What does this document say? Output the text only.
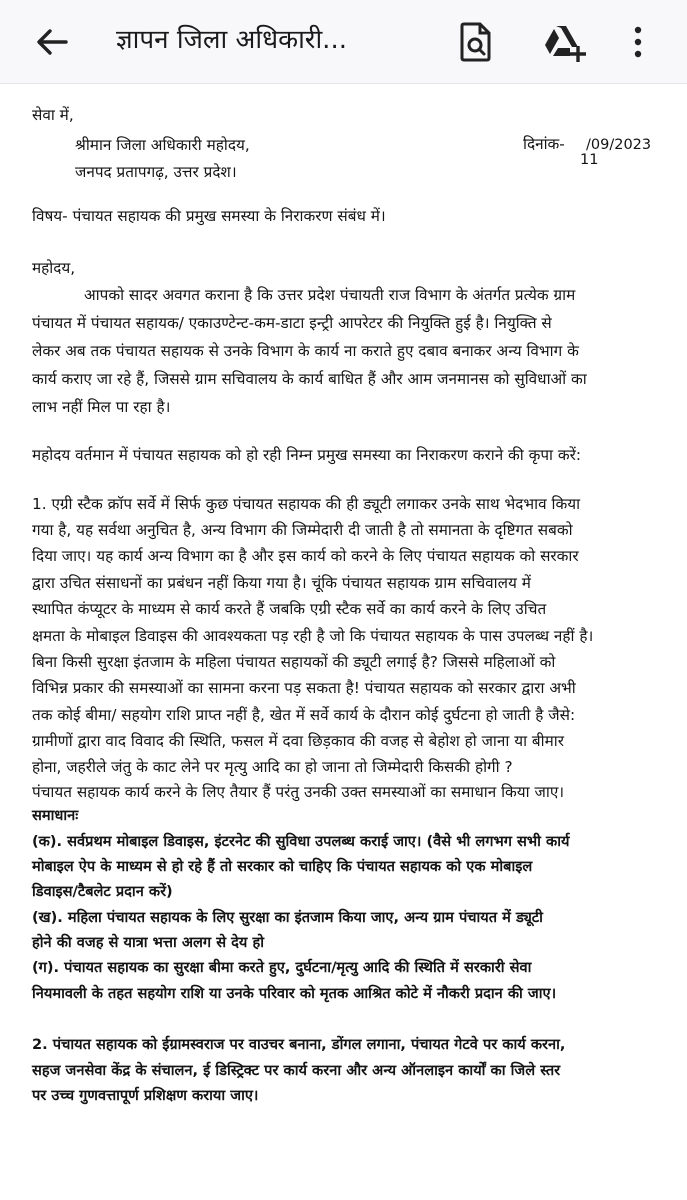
ज्ञापन जिला अधिकारी...
सेवा में,
श्रीमान जिला अधिकारी महोदय,
जनपद प्रतापगढ़, उत्तर प्रदेश।
दिनांक- /09/2023
11
विषय- पंचायत सहायक की प्रमुख समस्या के निराकरण संबंध में।
महोदय,
आपको सादर अवगत कराना है कि उत्तर प्रदेश पंचायती राज विभाग के अंतर्गत प्रत्येक ग्राम
पंचायत में पंचायत सहायक/ एकाउण्टेन्ट-कम-डाटा इन्ट्री आपरेटर की नियुक्ति हुई है। नियुक्ति से
लेकर अब तक पंचायत सहायक से उनके विभाग के कार्य ना कराते हुए दबाव बनाकर अन्य विभाग के
कार्य कराए जा रहे हैं, जिससे ग्राम सचिवालय के कार्य बाधित हैं और आम जनमानस को सुविधाओं का
लाभ नहीं मिल पा रहा है।
महोदय वर्तमान में पंचायत सहायक को हो रही निम्न प्रमुख समस्या का निराकरण कराने की कृपा करें:
1. एग्री स्टैक क्रॉप सर्वे में सिर्फ कुछ पंचायत सहायक की ही ड्यूटी लगाकर उनके साथ भेदभाव किया
गया है, यह सर्वथा अनुचित है, अन्य विभाग की जिम्मेदारी दी जाती है तो समानता के दृष्टिगत सबको
दिया जाए। यह कार्य अन्य विभाग का है और इस कार्य को करने के लिए पंचायत सहायक को सरकार
द्वारा उचित संसाधनों का प्रबंधन नहीं किया गया है। चूंकि पंचायत सहायक ग्राम सचिवालय में
स्थापित कंप्यूटर के माध्यम से कार्य करते हैं जबकि एग्री स्टैक सर्वे का कार्य करने के लिए उचित
क्षमता के मोबाइल डिवाइस की आवश्यकता पड़ रही है जो कि पंचायत सहायक के पास उपलब्ध नहीं है।
बिना किसी सुरक्षा इंतजाम के महिला पंचायत सहायकों की ड्यूटी लगाई है? जिससे महिलाओं को
विभिन्न प्रकार की समस्याओं का सामना करना पड़ सकता है! पंचायत सहायक को सरकार द्वारा अभी
तक कोई बीमा/ सहयोग राशि प्राप्त नहीं है, खेत में सर्वे कार्य के दौरान कोई दुर्घटना हो जाती है जैसे:
ग्रामीणों द्वारा वाद विवाद की स्थिति, फसल में दवा छिड़काव की वजह से बेहोश हो जाना या बीमार
होना, जहरीले जंतु के काट लेने पर मृत्यु आदि का हो जाना तो जिम्मेदारी किसकी होगी ?
पंचायत सहायक कार्य करने के लिए तैयार हैं परंतु उनकी उक्त समस्याओं का समाधान किया जाए।
समाधानः
(क). सर्वप्रथम मोबाइल डिवाइस, इंटरनेट की सुविधा उपलब्ध कराई जाए। (वैसे भी लगभग सभी कार्य
मोबाइल ऐप के माध्यम से हो रहे हैं तो सरकार को चाहिए कि पंचायत सहायक को एक मोबाइल
डिवाइस/टैबलेट प्रदान करें)
(ख). महिला पंचायत सहायक के लिए सुरक्षा का इंतजाम किया जाए, अन्य ग्राम पंचायत में ड्यूटी
होने की वजह से यात्रा भत्ता अलग से देय हो
(ग). पंचायत सहायक का सुरक्षा बीमा करते हुए, दुर्घटना/मृत्यु आदि की स्थिति में सरकारी सेवा
नियमावली के तहत सहयोग राशि या उनके परिवार को मृतक आश्रित कोटे में नौकरी प्रदान की जाए।
2. पंचायत सहायक को ईग्रामस्वराज पर वाउचर बनाना, डोंगल लगाना, पंचायत गेटवे पर कार्य करना,
सहज जनसेवा केंद्र के संचालन, ई डिस्ट्रिक्ट पर कार्य करना और अन्य ऑनलाइन कार्यों का जिले स्तर
पर उच्च गुणवत्तापूर्ण प्रशिक्षण कराया जाए।
